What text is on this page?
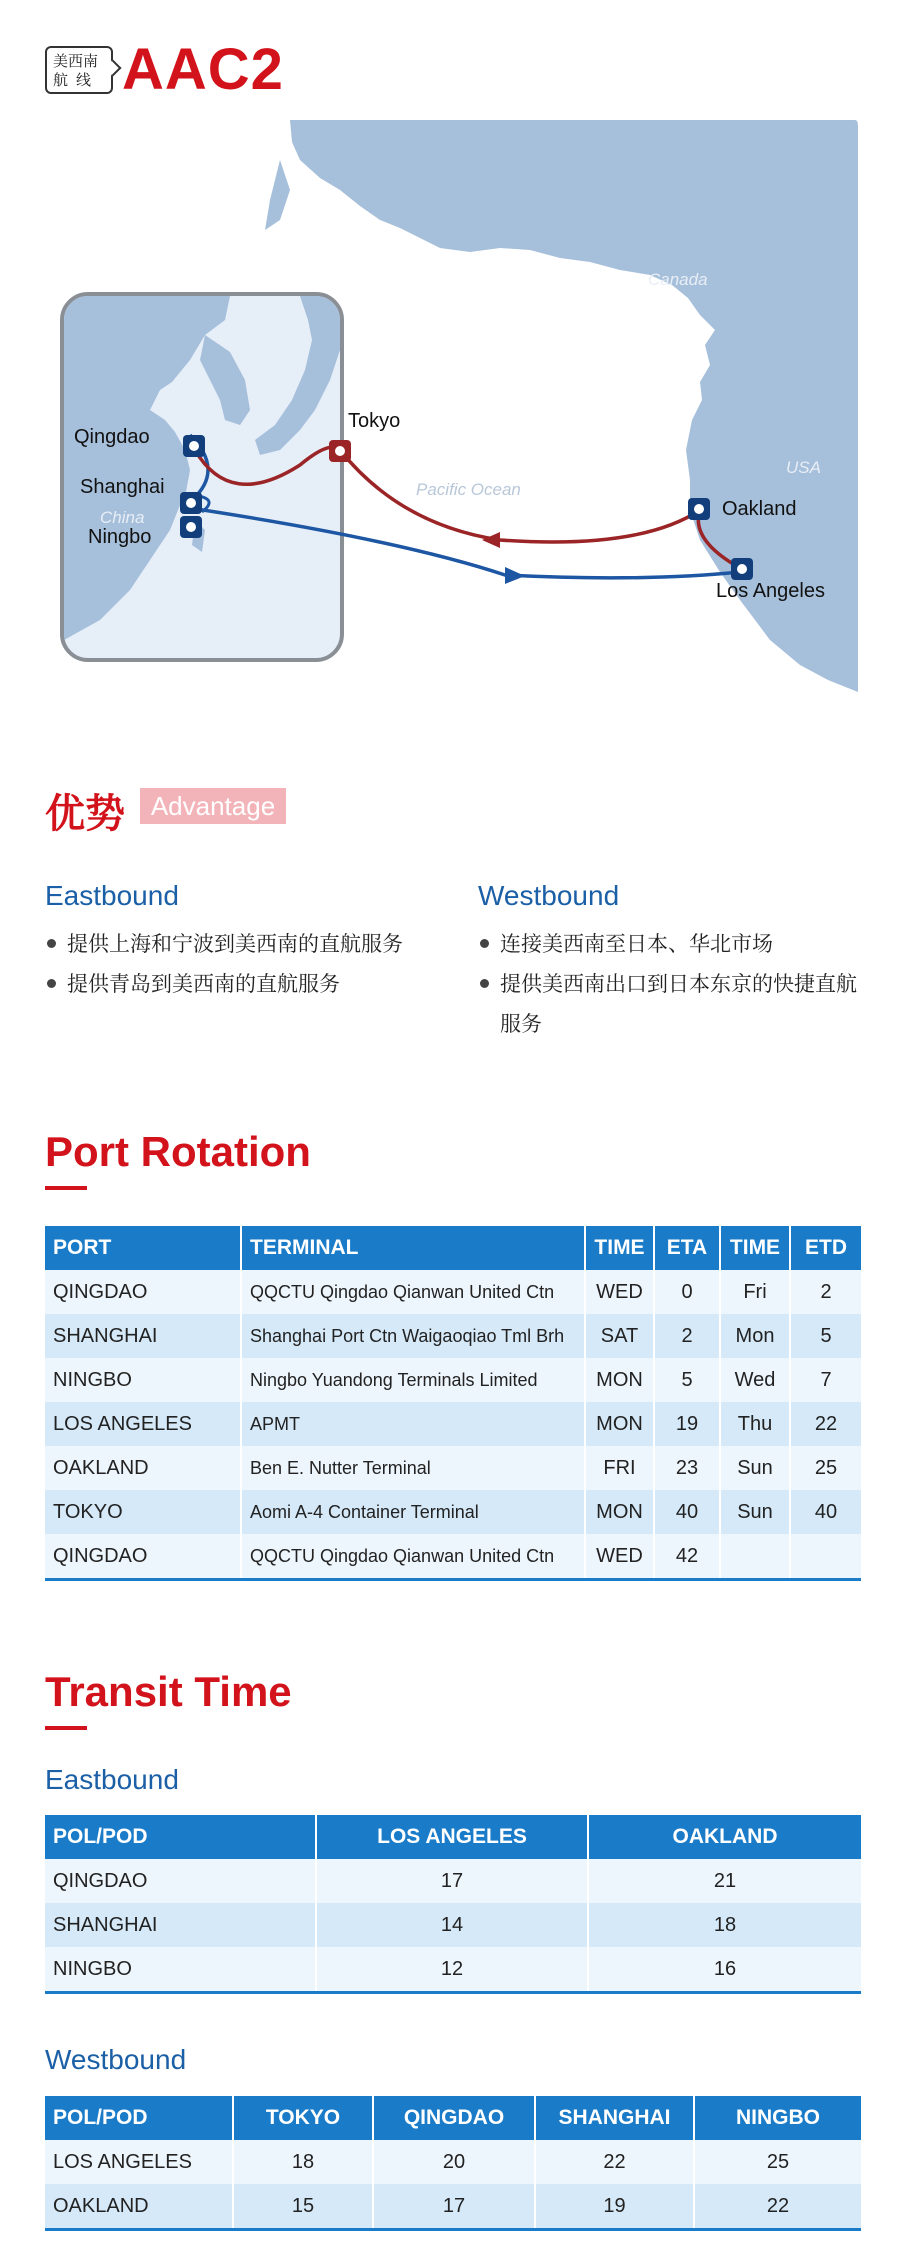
美西南
航线 AAC2
Qingdao
Shanghai
Ningbo
Tokyo
Oakland
Los Angeles
Canada
USA
China
Pacific Ocean
优势 Advantage
Eastbound
提供上海和宁波到美西南的直航服务
提供青岛到美西南的直航服务
Westbound
连接美西南至日本、华北市场
提供美西南出口到日本东京的快捷直航服务
Port Rotation
PORT	TERMINAL	TIME	ETA	TIME	ETD
QINGDAO	QQCTU Qingdao Qianwan United Ctn	WED	0	Fri	2
SHANGHAI	Shanghai Port Ctn Waigaoqiao Tml Brh	SAT	2	Mon	5
NINGBO	Ningbo Yuandong Terminals Limited	MON	5	Wed	7
LOS ANGELES	APMT	MON	19	Thu	22
OAKLAND	Ben E. Nutter Terminal	FRI	23	Sun	25
TOKYO	Aomi A-4 Container Terminal	MON	40	Sun	40
QINGDAO	QQCTU Qingdao Qianwan United Ctn	WED	42		
Transit Time
Eastbound
POL/POD	LOS ANGELES	OAKLAND
QINGDAO	17	21
SHANGHAI	14	18
NINGBO	12	16
Westbound
POL/POD	TOKYO	QINGDAO	SHANGHAI	NINGBO
LOS ANGELES	18	20	22	25
OAKLAND	15	17	19	22
